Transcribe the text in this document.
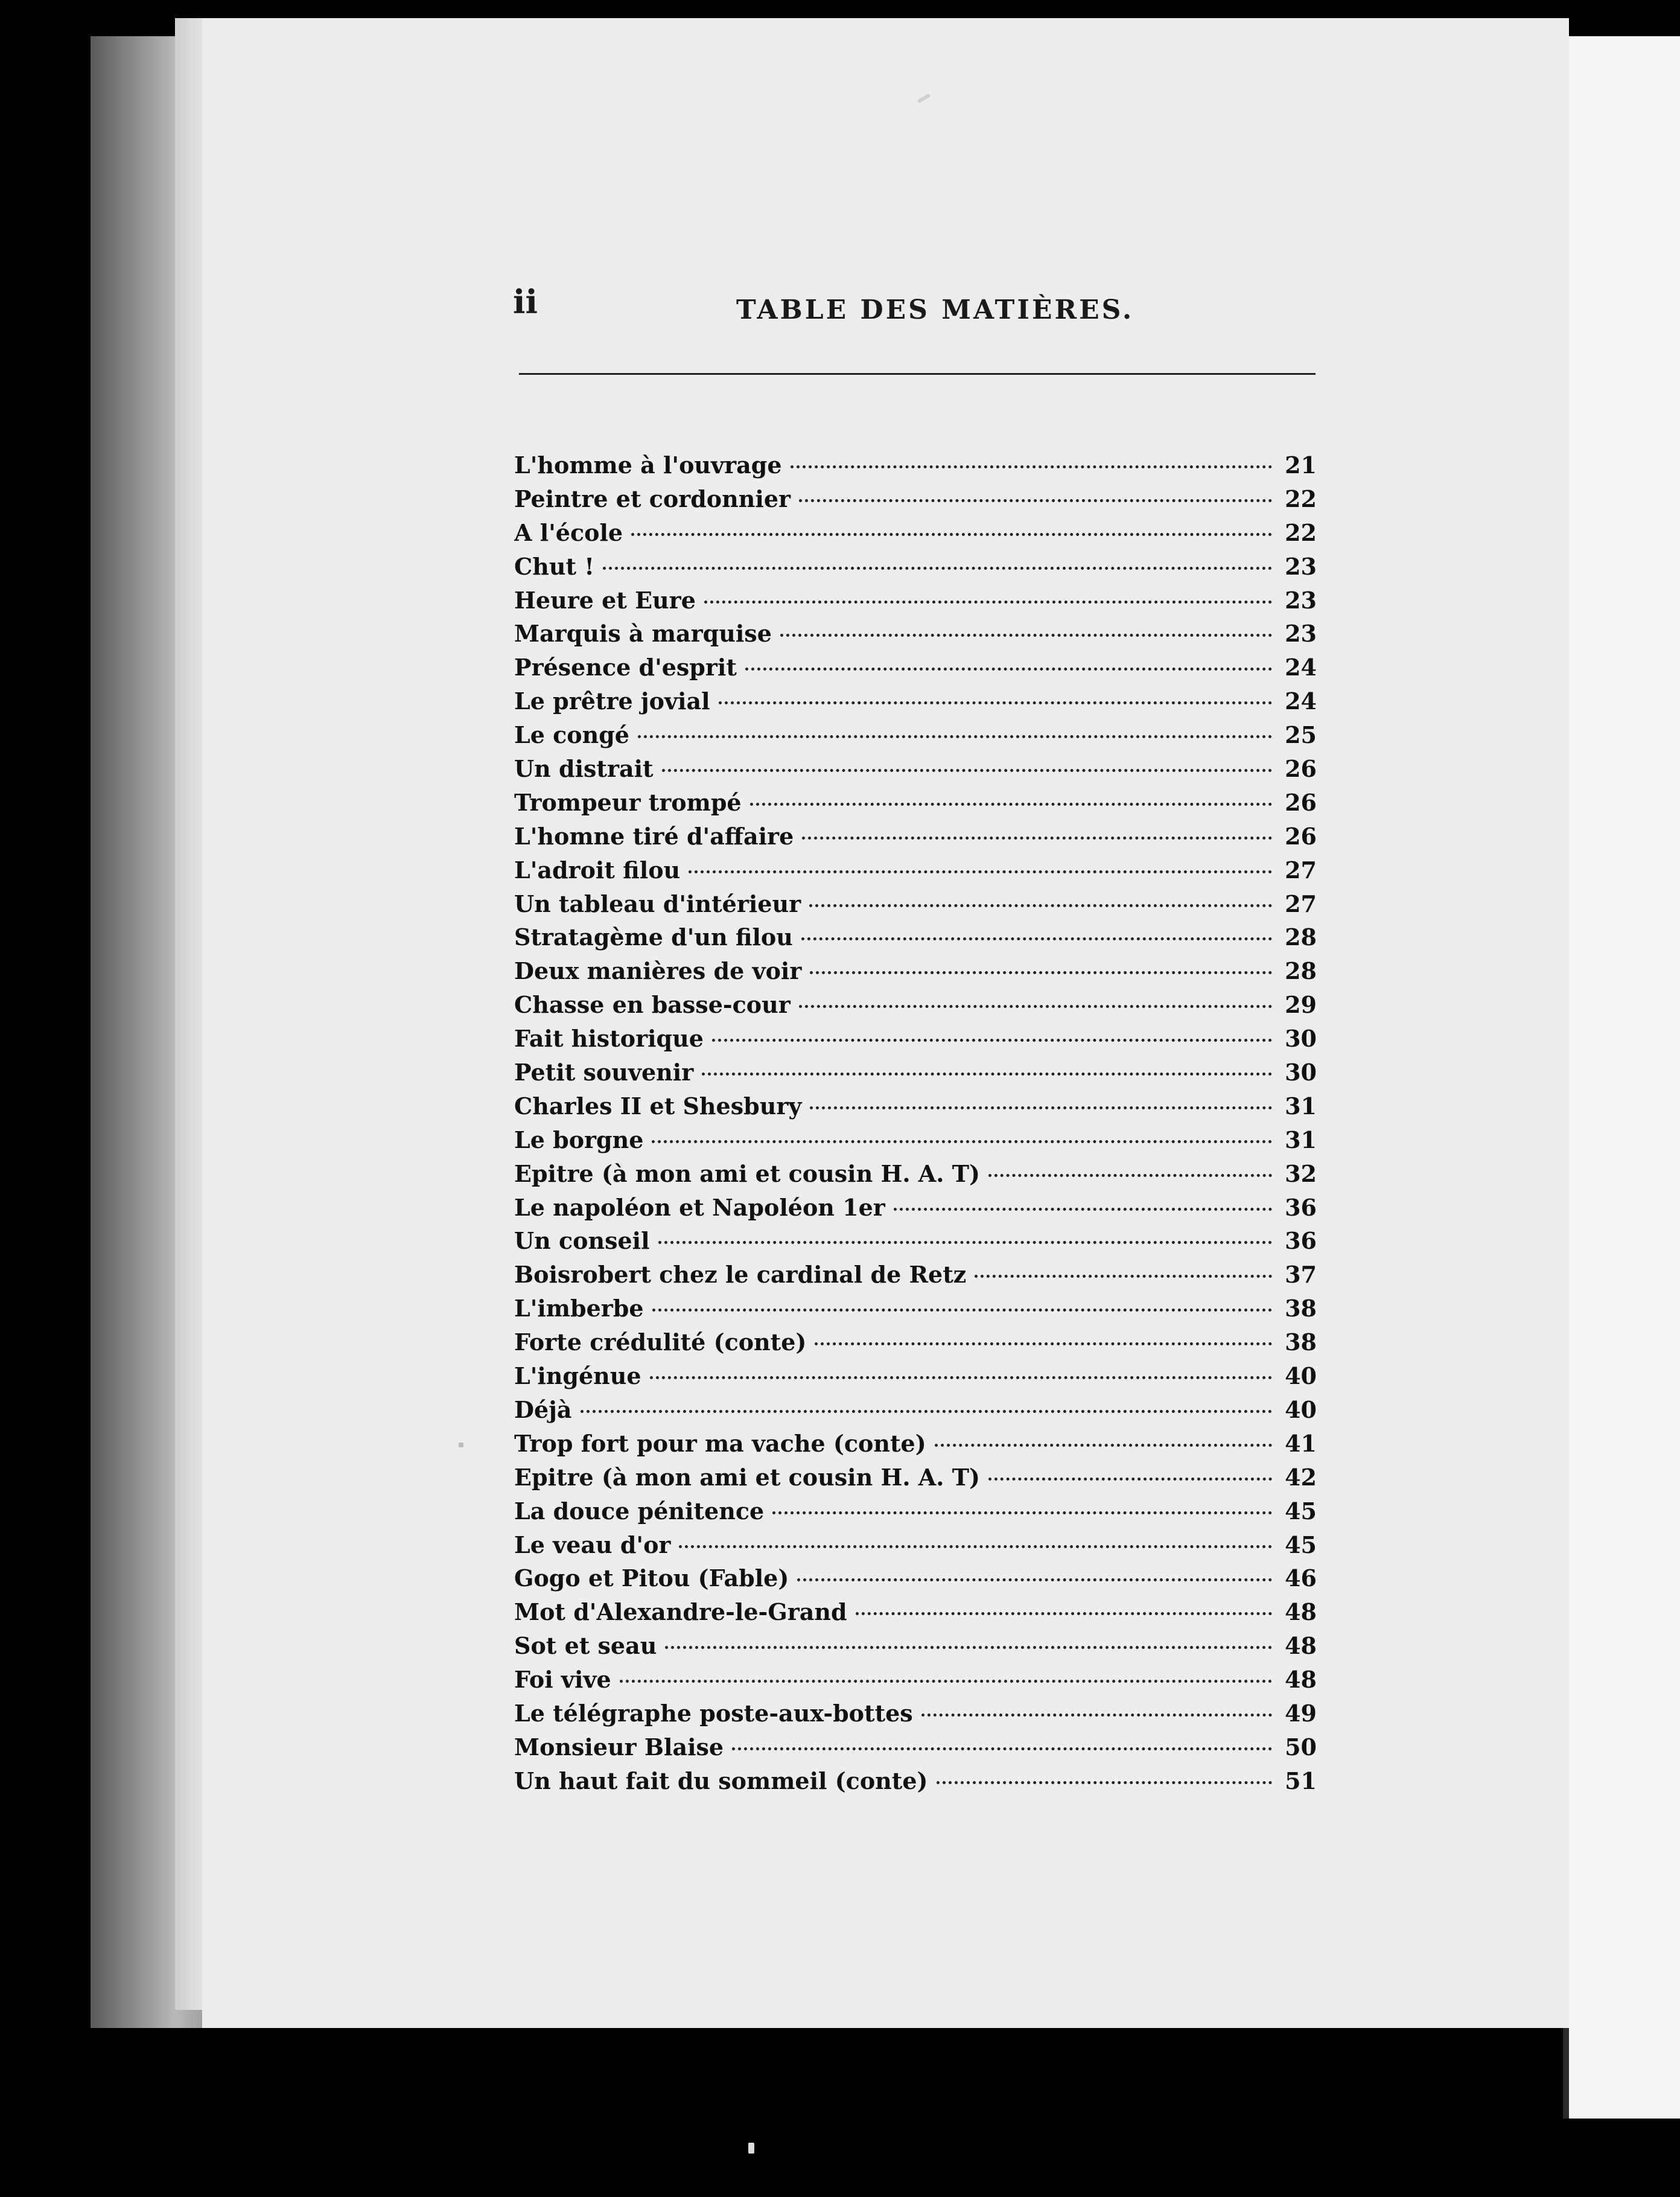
ii	TABLE DES MATIÈRES.
L'homme à l'ouvrage	21
Peintre et cordonnier	22
A l'école	22
Chut !	23
Heure et Eure	23
Marquis à marquise	23
Présence d'esprit	24
Le prêtre jovial	24
Le congé	25
Un distrait	26
Trompeur trompé	26
L'homne tiré d'affaire	26
L'adroit filou	27
Un tableau d'intérieur	27
Stratagème d'un filou	28
Deux manières de voir	28
Chasse en basse-cour	29
Fait historique	30
Petit souvenir	30
Charles II et Shesbury	31
Le borgne	31
Epitre (à mon ami et cousin H. A. T)	32
Le napoléon et Napoléon 1er	36
Un conseil	36
Boisrobert chez le cardinal de Retz	37
L'imberbe	38
Forte crédulité (conte)	38
L'ingénue	40
Déjà	40
Trop fort pour ma vache (conte)	41
Epitre (à mon ami et cousin H. A. T)	42
La douce pénitence	45
Le veau d'or	45
Gogo et Pitou (Fable)	46
Mot d'Alexandre-le-Grand	48
Sot et seau	48
Foi vive	48
Le télégraphe poste-aux-bottes	49
Monsieur Blaise	50
Un haut fait du sommeil (conte)	51
